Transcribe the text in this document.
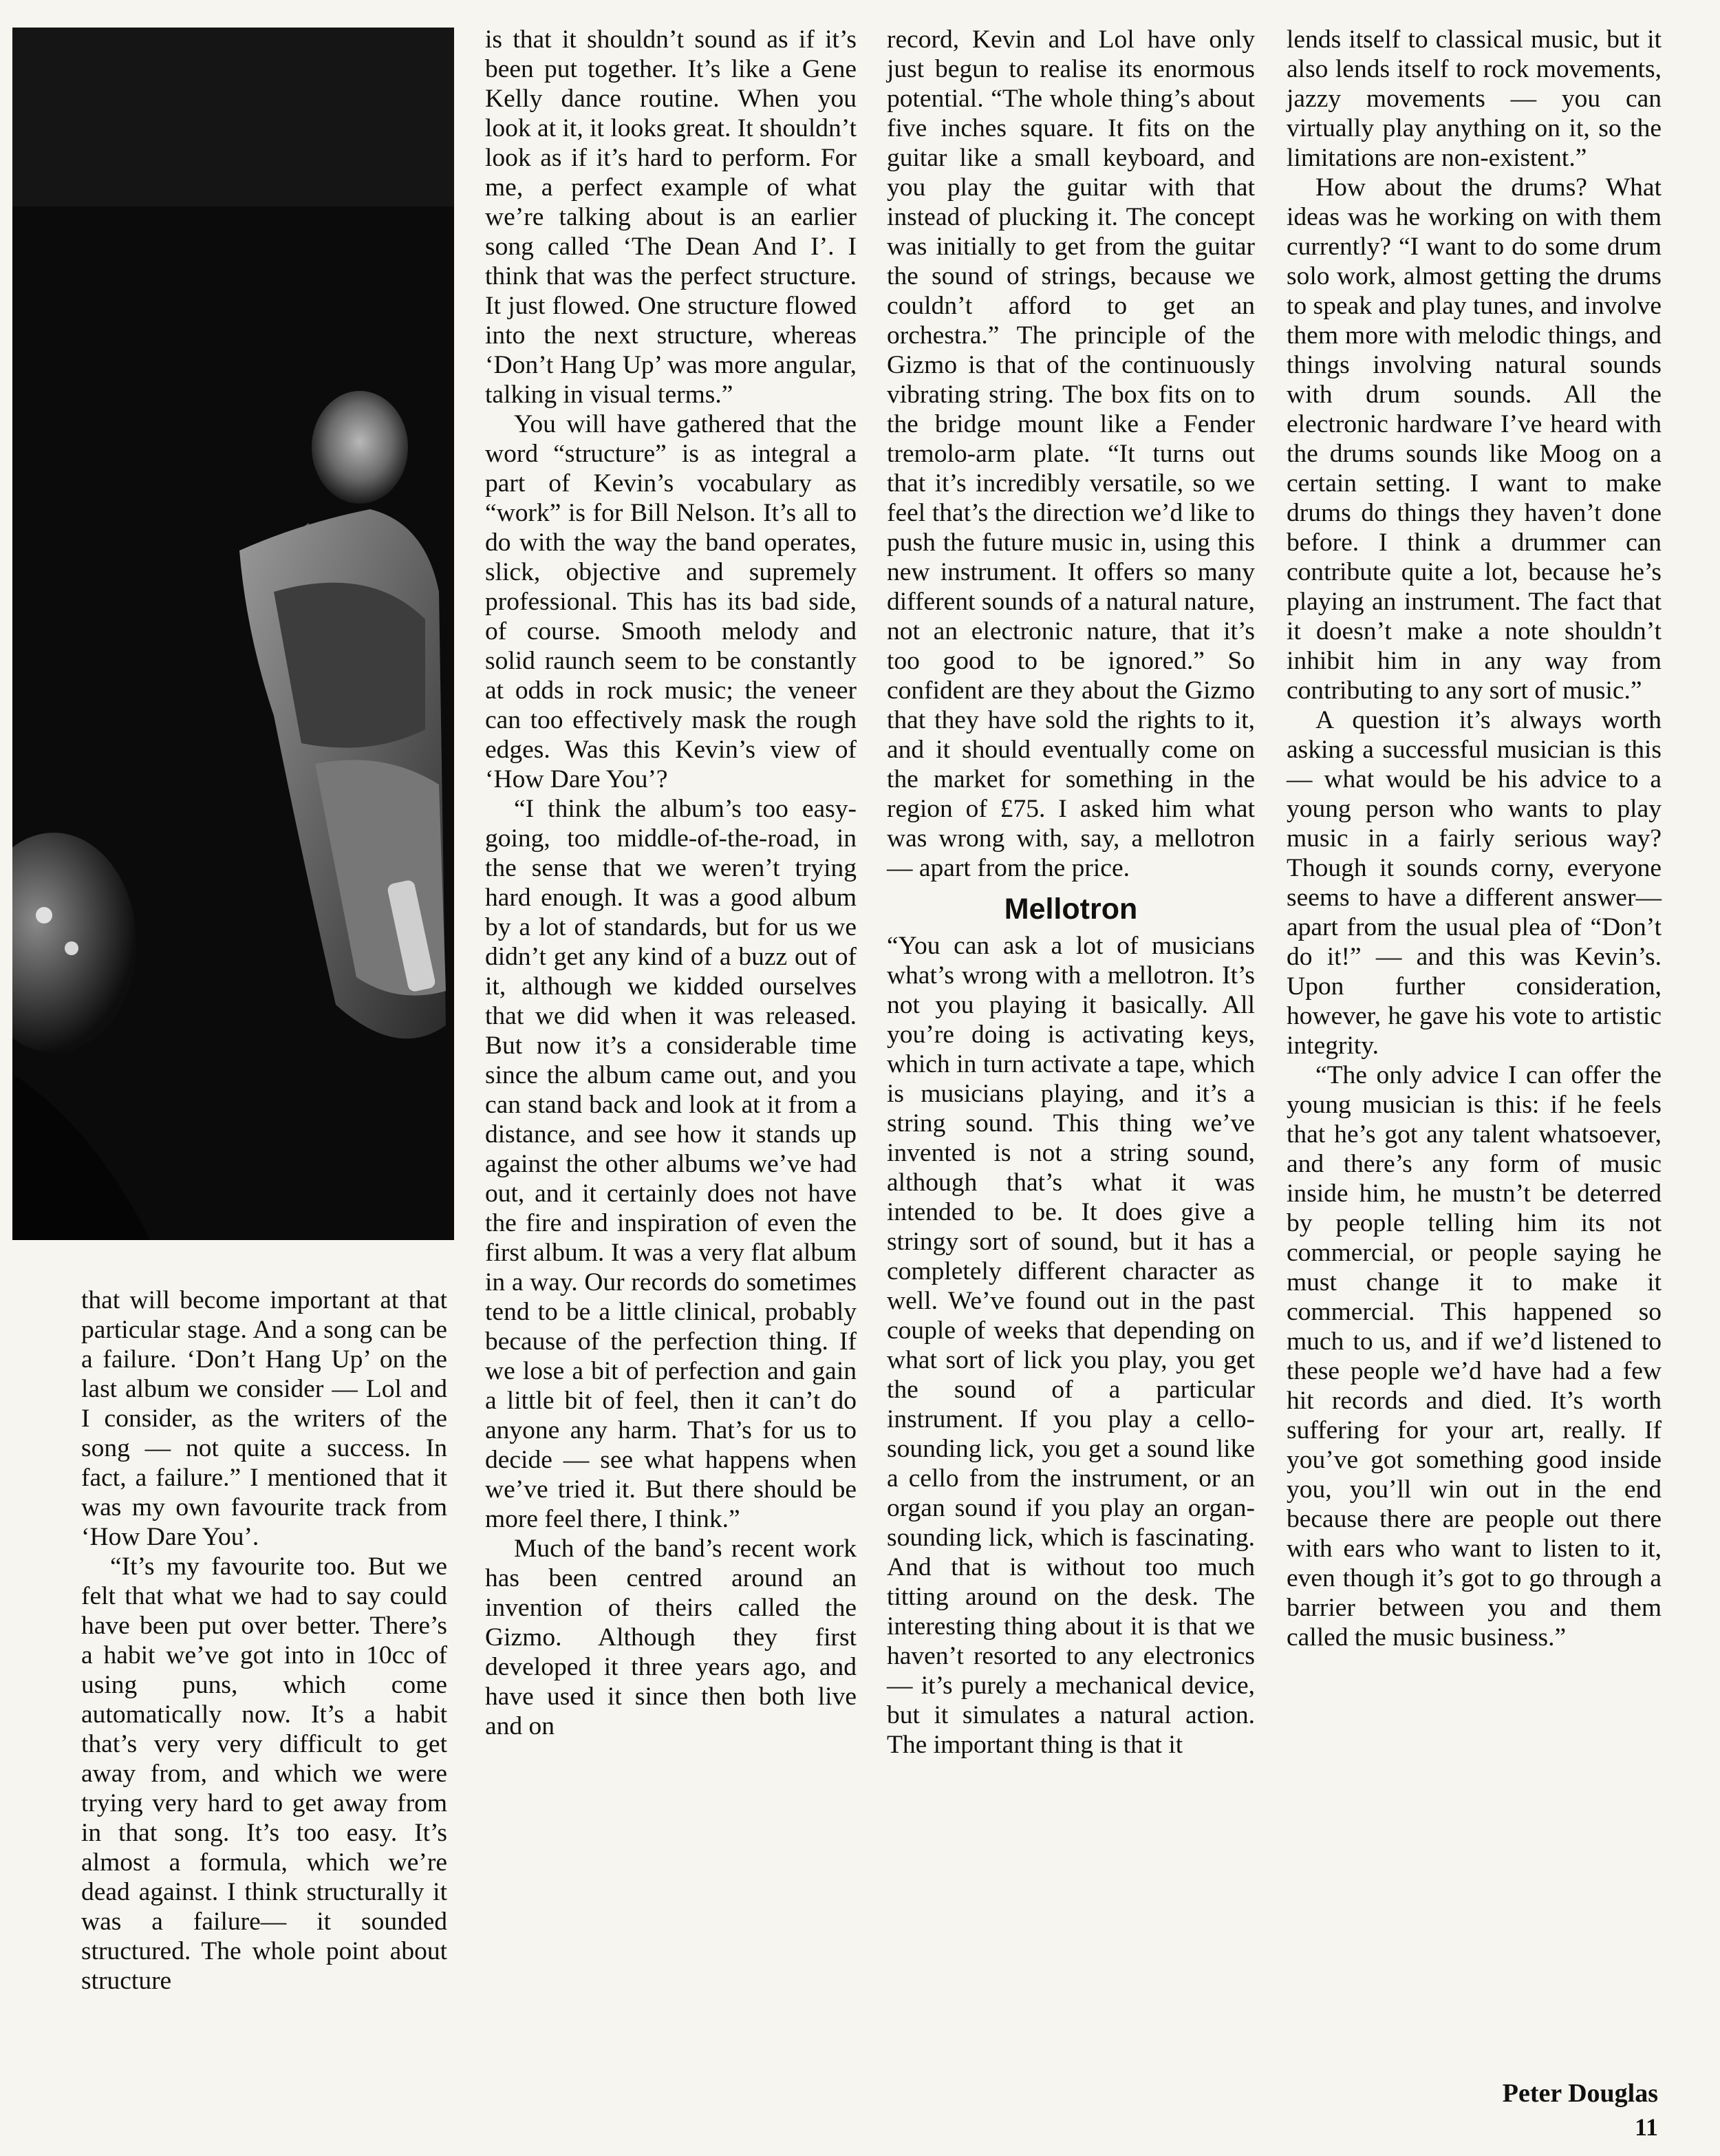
that will become important at that particular stage. And a song can be a failure. ‘Don’t Hang Up’ on the last album we consider — Lol and I consider, as the writers of the song — not quite a success. In fact, a failure.” I mentioned that it was my own favourite track from ‘How Dare You’.

“It’s my favourite too. But we felt that what we had to say could have been put over better. There’s a habit we’ve got into in 10cc of using puns, which come automatically now. It’s a habit that’s very very difficult to get away from, and which we were trying very hard to get away from in that song. It’s too easy. It’s almost a formula, which we’re dead against. I think structurally it was a failure— it sounded structured. The whole point about structure

is that it shouldn’t sound as if it’s been put together. It’s like a Gene Kelly dance routine. When you look at it, it looks great. It shouldn’t look as if it’s hard to perform. For me, a perfect example of what we’re talking about is an earlier song called ‘The Dean And I’. I think that was the perfect structure. It just flowed. One structure flowed into the next structure, whereas ‘Don’t Hang Up’ was more angular, talking in visual terms.”

You will have gathered that the word “structure” is as integral a part of Kevin’s vocabulary as “work” is for Bill Nelson. It’s all to do with the way the band operates, slick, objective and supremely professional. This has its bad side, of course. Smooth melody and solid raunch seem to be constantly at odds in rock music; the veneer can too effectively mask the rough edges. Was this Kevin’s view of ‘How Dare You’?

“I think the album’s too easy-going, too middle-of-the-road, in the sense that we weren’t trying hard enough. It was a good album by a lot of standards, but for us we didn’t get any kind of a buzz out of it, although we kidded ourselves that we did when it was released. But now it’s a considerable time since the album came out, and you can stand back and look at it from a distance, and see how it stands up against the other albums we’ve had out, and it certainly does not have the fire and inspiration of even the first album. It was a very flat album in a way. Our records do sometimes tend to be a little clinical, probably because of the perfection thing. If we lose a bit of perfection and gain a little bit of feel, then it can’t do anyone any harm. That’s for us to decide — see what happens when we’ve tried it. But there should be more feel there, I think.”

Much of the band’s recent work has been centred around an invention of theirs called the Gizmo. Although they first developed it three years ago, and have used it since then both live and on

record, Kevin and Lol have only just begun to realise its enormous potential. “The whole thing’s about five inches square. It fits on the guitar like a small keyboard, and you play the guitar with that instead of plucking it. The concept was initially to get from the guitar the sound of strings, because we couldn’t afford to get an orchestra.” The principle of the Gizmo is that of the continuously vibrating string. The box fits on to the bridge mount like a Fender tremolo-arm plate. “It turns out that it’s incredibly versatile, so we feel that’s the direction we’d like to push the future music in, using this new instrument. It offers so many different sounds of a natural nature, not an electronic nature, that it’s too good to be ignored.” So confident are they about the Gizmo that they have sold the rights to it, and it should eventually come on the market for something in the region of £75. I asked him what was wrong with, say, a mellotron — apart from the price.

Mellotron

“You can ask a lot of musicians what’s wrong with a mellotron. It’s not you playing it basically. All you’re doing is activating keys, which in turn activate a tape, which is musicians playing, and it’s a string sound. This thing we’ve invented is not a string sound, although that’s what it was intended to be. It does give a stringy sort of sound, but it has a completely different character as well. We’ve found out in the past couple of weeks that depending on what sort of lick you play, you get the sound of a particular instrument. If you play a cello-sounding lick, you get a sound like a cello from the instrument, or an organ sound if you play an organ-sounding lick, which is fascinating. And that is without too much titting around on the desk. The interesting thing about it is that we haven’t resorted to any electronics — it’s purely a mechanical device, but it simulates a natural action. The important thing is that it

lends itself to classical music, but it also lends itself to rock movements, jazzy movements — you can virtually play anything on it, so the limitations are non-existent.”

How about the drums? What ideas was he working on with them currently? “I want to do some drum solo work, almost getting the drums to speak and play tunes, and involve them more with melodic things, and things involving natural sounds with drum sounds. All the electronic hardware I’ve heard with the drums sounds like Moog on a certain setting. I want to make drums do things they haven’t done before. I think a drummer can contribute quite a lot, because he’s playing an instrument. The fact that it doesn’t make a note shouldn’t inhibit him in any way from contributing to any sort of music.”

A question it’s always worth asking a successful musician is this — what would be his advice to a young person who wants to play music in a fairly serious way? Though it sounds corny, everyone seems to have a different answer—apart from the usual plea of “Don’t do it!” — and this was Kevin’s. Upon further consideration, however, he gave his vote to artistic integrity.

“The only advice I can offer the young musician is this: if he feels that he’s got any talent whatsoever, and there’s any form of music inside him, he mustn’t be deterred by people telling him its not commercial, or people saying he must change it to make it commercial. This happened so much to us, and if we’d listened to these people we’d have had a few hit records and died. It’s worth suffering for your art, really. If you’ve got something good inside you, you’ll win out in the end because there are people out there with ears who want to listen to it, even though it’s got to go through a barrier between you and them called the music business.”

Peter Douglas
11
